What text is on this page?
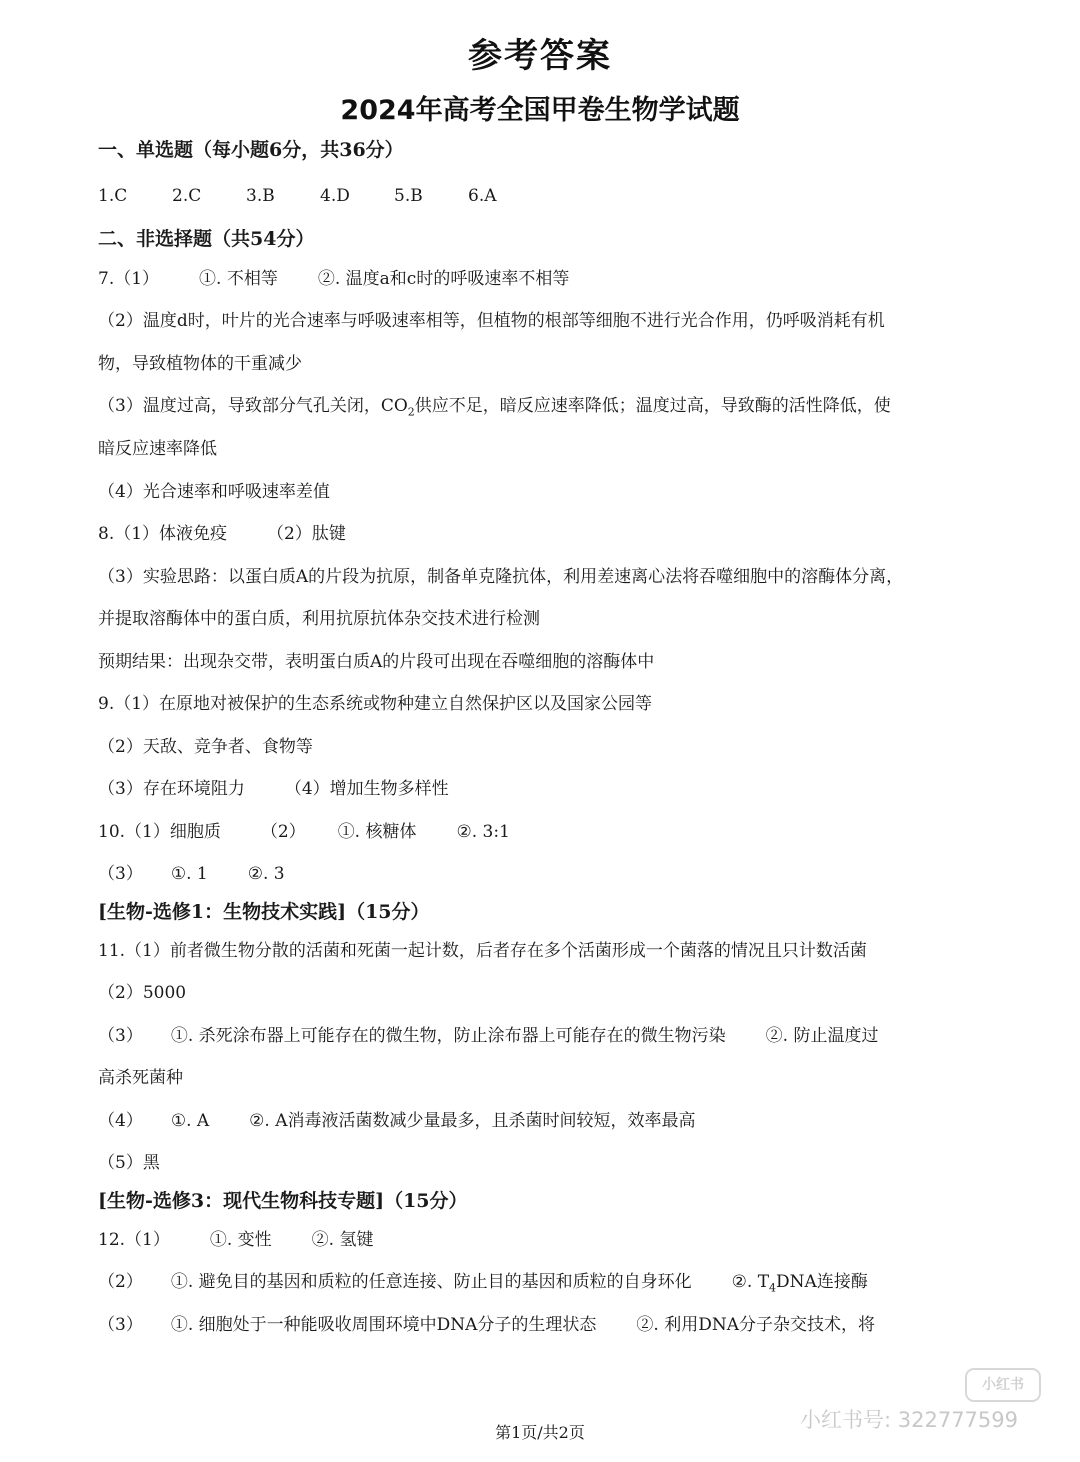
参考答案
2024年高考全国甲卷生物学试题
一、单选题（每小题6分，共36分）
1.C	2.C	3.B	4.D	5.B	6.A
二、非选择题（共54分）
7.（1） ①. 不相等 ②. 温度a和c时的呼吸速率不相等
（2）温度d时，叶片的光合速率与呼吸速率相等，但植物的根部等细胞不进行光合作用，仍呼吸消耗有机
物，导致植物体的干重减少
（3）温度过高，导致部分气孔关闭，$CO_2$供应不足，暗反应速率降低；温度过高，导致酶的活性降低，使
暗反应速率降低
（4）光合速率和呼吸速率差值
8.（1）体液免疫 （2）肽键
（3）实验思路：以蛋白质A的片段为抗原，制备单克隆抗体，利用差速离心法将吞噬细胞中的溶酶体分离，
并提取溶酶体中的蛋白质，利用抗原抗体杂交技术进行检测
预期结果：出现杂交带，表明蛋白质A的片段可出现在吞噬细胞的溶酶体中
9.（1）在原地对被保护的生态系统或物种建立自然保护区以及国家公园等
（2）天敌、竞争者、食物等
（3）存在环境阻力 （4）增加生物多样性
10.（1）细胞质 （2） ①. 核糖体 ②. 3:1
（3） ①. 1 ②. 3
[生物-选修1：生物技术实践]（15分）
11.（1）前者微生物分散的活菌和死菌一起计数，后者存在多个活菌形成一个菌落的情况且只计数活菌
（2）5000
（3） ①. 杀死涂布器上可能存在的微生物，防止涂布器上可能存在的微生物污染 ②. 防止温度过
高杀死菌种
（4） ①. A ②. A消毒液活菌数减少量最多，且杀菌时间较短，效率最高
（5）黑
[生物-选修3：现代生物科技专题]（15分）
12.（1） ①. 变性 ②. 氢键
（2） ①. 避免目的基因和质粒的任意连接、防止目的基因和质粒的自身环化 ②. $T_4DNA$连接酶
（3） ①. 细胞处于一种能吸收周围环境中DNA分子的生理状态 ②. 利用DNA分子杂交技术，将
小红书
小红书号: 322777599
第1页/共2页
